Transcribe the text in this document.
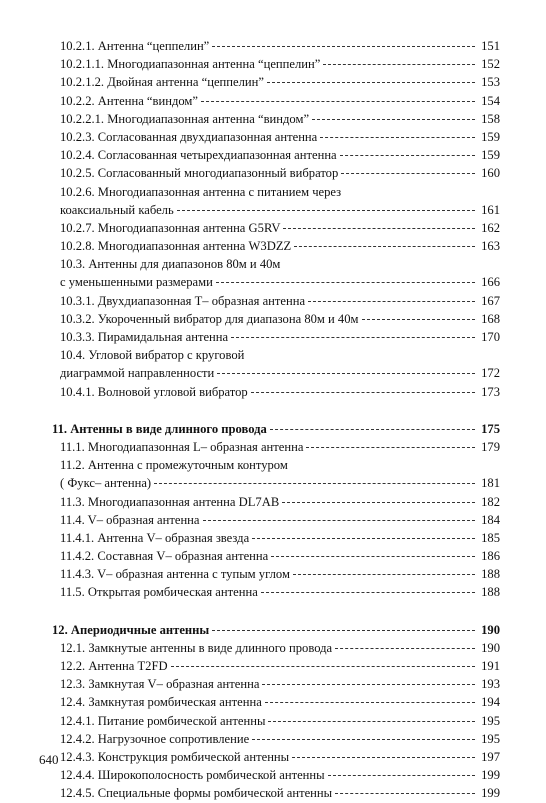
10.2.1. Антенна “цеппелин”	151
10.2.1.1. Многодиапазонная антенна “цеппелин”	152
10.2.1.2. Двойная антенна “цеппелин”	153
10.2.2. Антенна “виндом”	154
10.2.2.1. Многодиапазонная антенна “виндом”	158
10.2.3. Согласованная двухдиапазонная антенна	159
10.2.4. Согласованная четырехдиапазонная антенна	159
10.2.5. Согласованный многодиапазонный вибратор	160
10.2.6. Многодиапазонная антенна с питанием через
коаксиальный кабель	161
10.2.7. Многодиапазонная антенна G5RV	162
10.2.8. Многодиапазонная антенна W3DZZ	163
10.3. Антенны для диапазонов 80м и 40м
с уменьшенными размерами	166
10.3.1. Двухдиапазонная Т– образная антенна	167
10.3.2. Укороченный вибратор для диапазона 80м и 40м	168
10.3.3. Пирамидальная антенна	170
10.4. Угловой вибратор с круговой
диаграммой направленности	172
10.4.1. Волновой угловой вибратор	173
11. Антенны в виде длинного провода	175
11.1. Многодиапазонная L– образная антенна	179
11.2. Антенна с промежуточным контуром
( Фукс– антенна)	181
11.3. Многодиапазонная антенна DL7AB	182
11.4. V– образная антенна	184
11.4.1. Антенна V– образная звезда	185
11.4.2. Составная V– образная антенна	186
11.4.3. V– образная антенна с тупым углом	188
11.5. Открытая ромбическая антенна	188
12. Апериодичные антенны	190
12.1. Замкнутые антенны в виде длинного провода	190
12.2. Антенна T2FD	191
12.3. Замкнутая V– образная антенна	193
12.4. Замкнутая ромбическая антенна	194
12.4.1. Питание ромбической антенны	195
12.4.2. Нагрузочное сопротивление	195
12.4.3. Конструкция ромбической антенны	197
12.4.4. Широкополосность ромбической антенны	199
12.4.5. Специальные формы ромбической антенны	199
640
